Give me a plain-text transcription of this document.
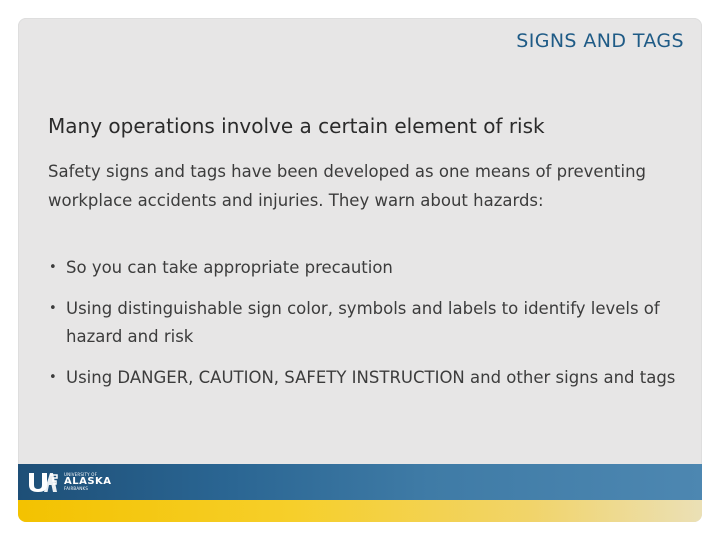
SIGNS AND TAGS
Many operations involve a certain element of risk
Safety signs and tags have been developed as one means of preventing workplace accidents and injuries. They warn about hazards:
• So you can take appropriate precaution
• Using distinguishable sign color, symbols and labels to identify levels of hazard and risk
• Using DANGER, CAUTION, SAFETY INSTRUCTION and other signs and tags
UNIVERSITY OF
ALASKA
FAIRBANKS
